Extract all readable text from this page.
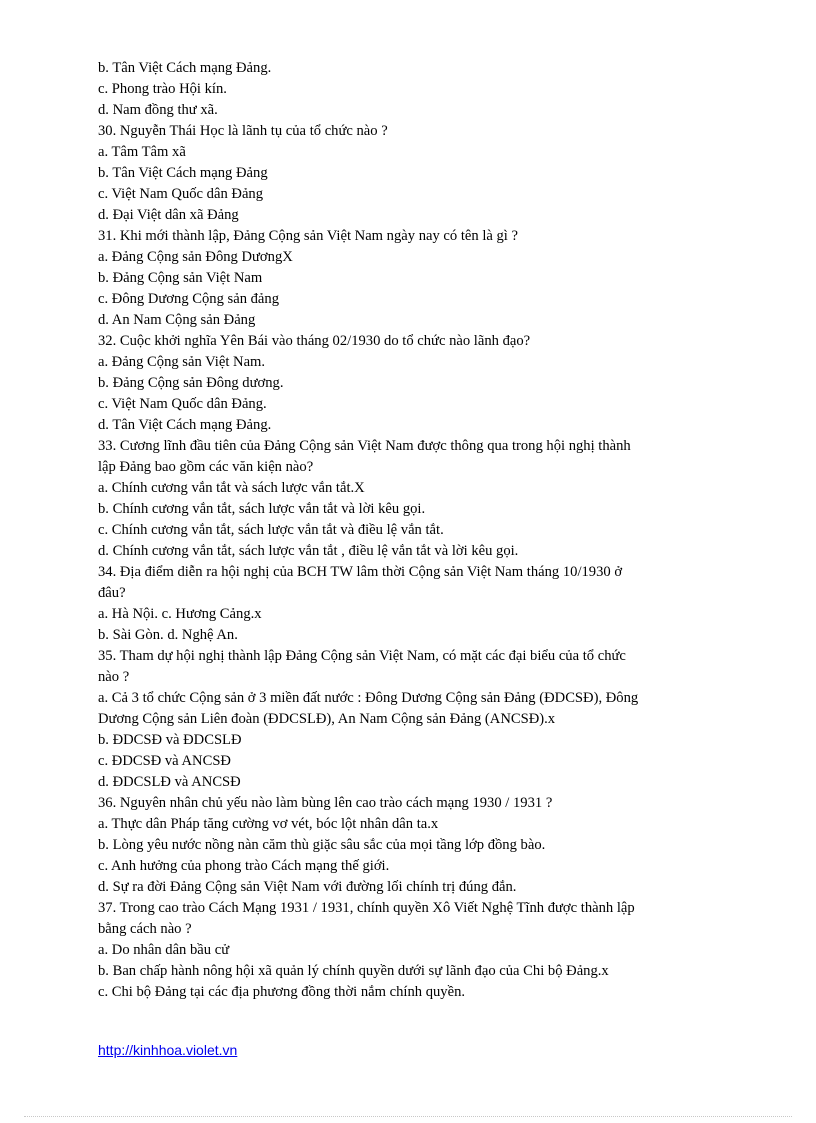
b. Tân Việt Cách mạng Đảng.
c. Phong trào Hội kín.
d. Nam đồng thư xã.
30. Nguyễn Thái Học là lãnh tụ của tổ chức nào ?
a. Tâm Tâm xã
b. Tân Việt Cách mạng Đảng
c. Việt Nam Quốc dân Đảng
d. Đại Việt dân xã Đảng
31. Khi mới thành lập, Đảng Cộng sản Việt Nam ngày nay có tên là gì ?
a. Đảng Cộng sản Đông DươngX
b. Đảng Cộng sản Việt Nam
c. Đông Dương Cộng sản đảng
d. An Nam Cộng sản Đảng
32. Cuộc khởi nghĩa Yên Bái vào tháng 02/1930 do tổ chức nào lãnh đạo?
a. Đảng Cộng sản Việt Nam.
b. Đảng Cộng sản Đông dương.
c. Việt Nam Quốc dân Đảng.
d. Tân Việt Cách mạng Đảng.
33. Cương lĩnh đầu tiên của Đảng Cộng sản Việt Nam được thông qua trong hội nghị thành
lập Đảng bao gồm các văn kiện nào?
a. Chính cương vắn tắt và sách lược vắn tắt.X
b. Chính cương vắn tắt, sách lược vắn tắt và lời kêu gọi.
c. Chính cương vắn tắt, sách lược vắn tắt và điều lệ vắn tắt.
d. Chính cương vắn tắt, sách lược vắn tắt , điều lệ vắn tắt và lời kêu gọi.
34. Địa điểm diễn ra hội nghị của BCH TW lâm thời Cộng sản Việt Nam tháng 10/1930 ở
đâu?
a. Hà Nội. c. Hương Cảng.x
b. Sài Gòn. d. Nghệ An.
35. Tham dự hội nghị thành lập Đảng Cộng sản Việt Nam, có mặt các đại biểu của tổ chức
nào ?
a. Cả 3 tổ chức Cộng sản ở 3 miền đất nước : Đông Dương Cộng sản Đảng (ĐDCSĐ), Đông
Dương Cộng sản Liên đoàn (ĐDCSLĐ), An Nam Cộng sản Đảng (ANCSĐ).x
b. ĐDCSĐ và ĐDCSLĐ
c. ĐDCSĐ và ANCSĐ
d. ĐDCSLĐ và ANCSĐ
36. Nguyên nhân chủ yếu nào làm bùng lên cao trào cách mạng 1930 / 1931 ?
a. Thực dân Pháp tăng cường vơ vét, bóc lột nhân dân ta.x
b. Lòng yêu nước nồng nàn căm thù giặc sâu sắc của mọi tầng lớp đồng bào.
c. Anh hưởng của phong trào Cách mạng thế giới.
d. Sự ra đời Đảng Cộng sản Việt Nam với đường lối chính trị đúng đắn.
37. Trong cao trào Cách Mạng 1931 / 1931, chính quyền Xô Viết Nghệ Tĩnh được thành lập
bằng cách nào ?
a. Do nhân dân bầu cử
b. Ban chấp hành nông hội xã quản lý chính quyền dưới sự lãnh đạo của Chi bộ Đảng.x
c. Chi bộ Đảng tại các địa phương đồng thời nắm chính quyền.
http://kinhhoa.violet.vn
